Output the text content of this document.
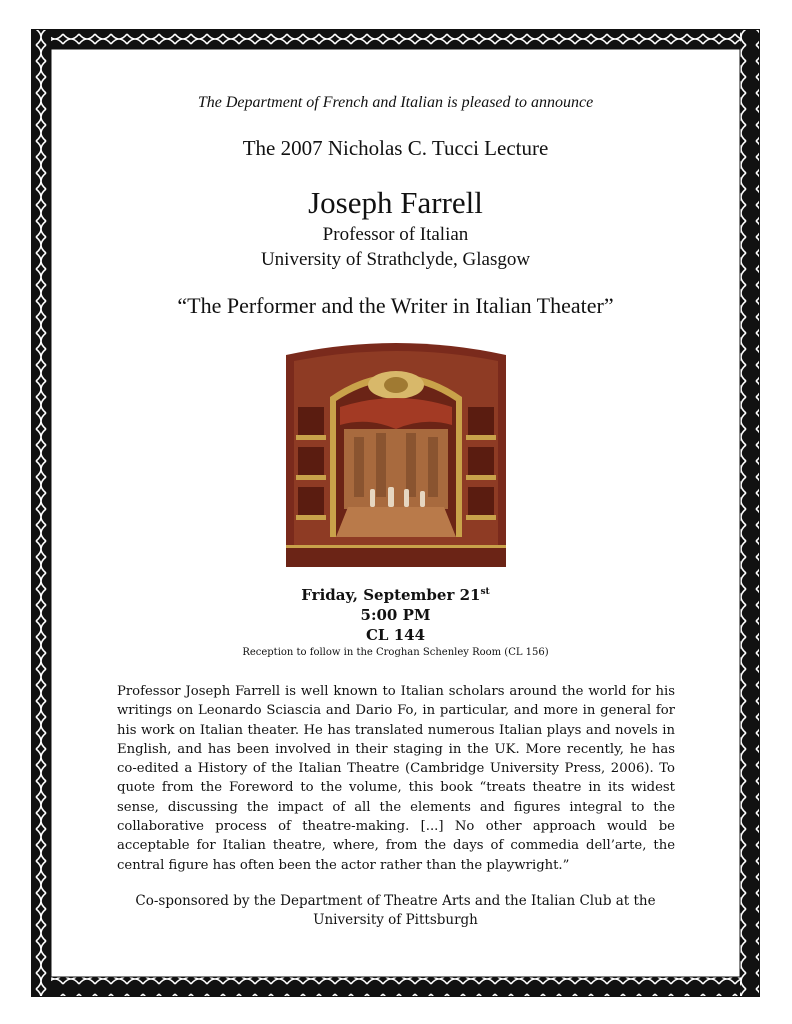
The Department of French and Italian is pleased to announce
The 2007 Nicholas C. Tucci Lecture
Joseph Farrell
Professor of Italian
University of Strathclyde, Glasgow
“The Performer and the Writer in Italian Theater”
Friday, September 21st
5:00 PM
CL 144
Reception to follow in the Croghan Schenley Room (CL 156)
Professor Joseph Farrell is well known to Italian scholars around the world for his writings on Leonardo Sciascia and Dario Fo, in particular, and more in general for his work on Italian theater. He has translated numerous Italian plays and novels in English, and has been involved in their staging in the UK. More recently, he has co-edited a History of the Italian Theatre (Cambridge University Press, 2006). To quote from the Foreword to the volume, this book “treats theatre in its widest sense, discussing the impact of all the elements and figures integral to the collaborative process of theatre-making. [...] No other approach would be acceptable for Italian theatre, where, from the days of commedia dell’arte, the central figure has often been the actor rather than the playwright.”
Co-sponsored by the Department of Theatre Arts and the Italian Club at the
University of Pittsburgh
